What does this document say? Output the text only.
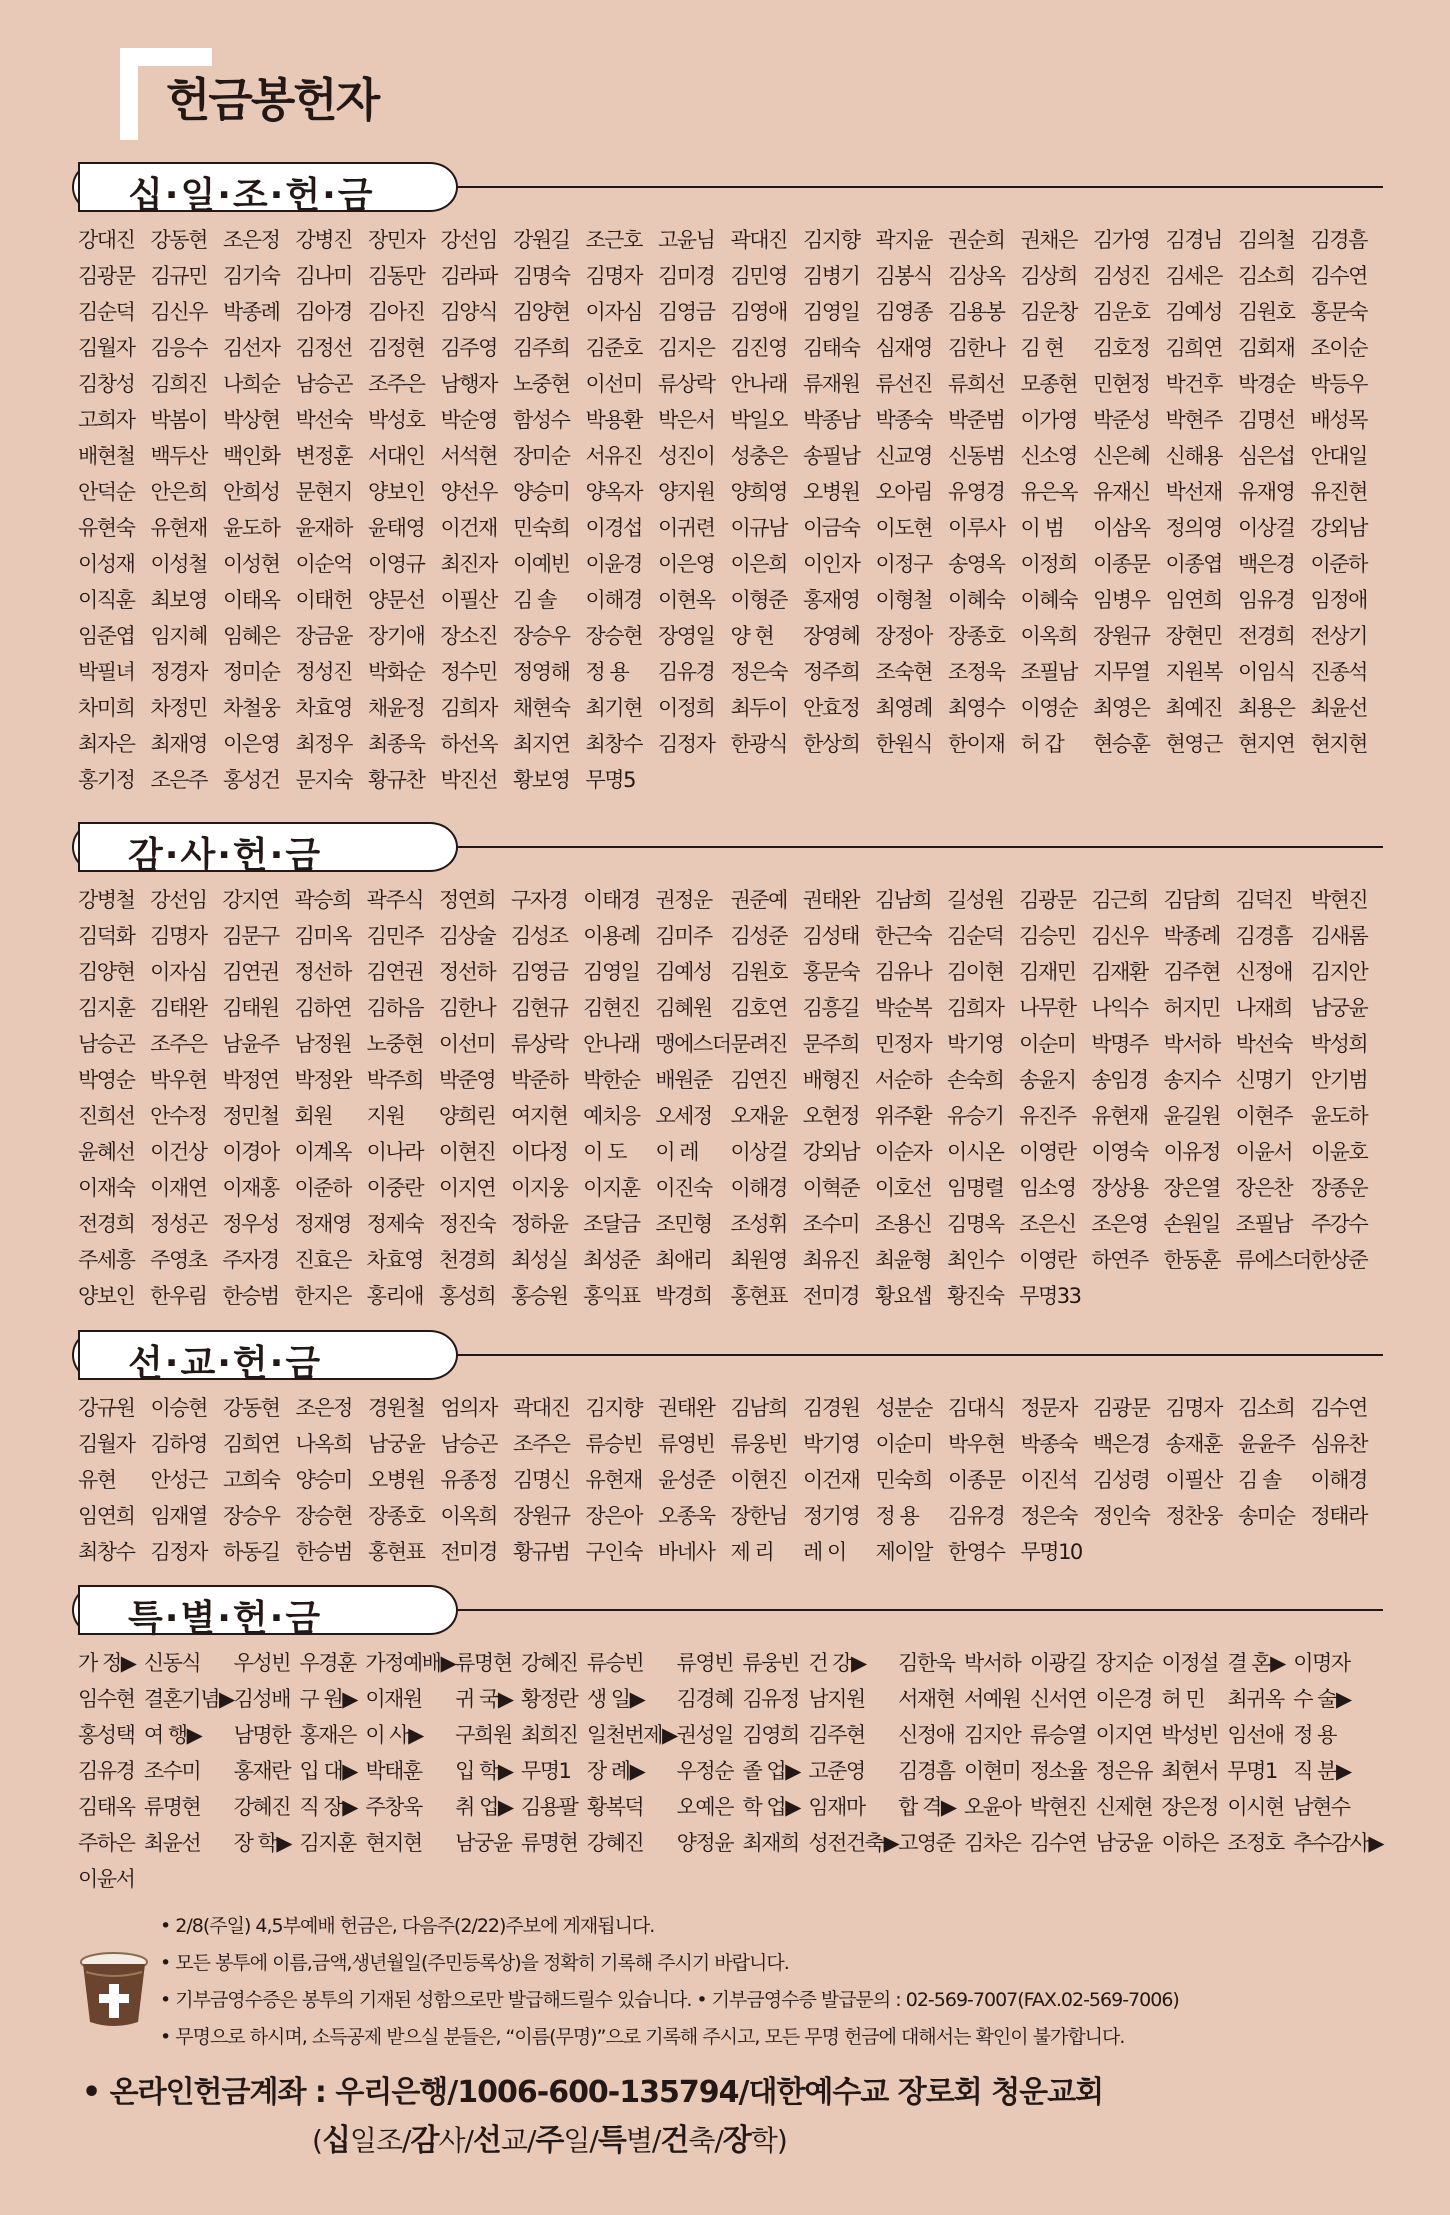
헌금봉헌자
십·일·조·헌·금
강대진 강동현 조은정 강병진 장민자 강선임 강원길 조근호 고윤님 곽대진 김지향 곽지윤 권순희 권채은 김가영 김경님 김의철 김경흠
김광문 김규민 김기숙 김나미 김동만 김라파 김명숙 김명자 김미경 김민영 김병기 김봉식 김상옥 김상희 김성진 김세은 김소희 김수연
김순덕 김신우 박종례 김아경 김아진 김양식 김양현 이자심 김영금 김영애 김영일 김영종 김용봉 김운창 김운호 김예성 김원호 홍문숙
김월자 김응수 김선자 김정선 김정현 김주영 김주희 김준호 김지은 김진영 김태숙 심재영 김한나 김 현	김호정 김희연 김회재 조이순
김창성 김희진 나희순 남승곤 조주은 남행자 노중현 이선미 류상락 안나래 류재원 류선진 류희선 모종현 민현정 박건후 박경순 박등우
고희자 박봄이 박상현 박선숙 박성호 박순영 함성수 박용환 박은서 박일오 박종남 박종숙 박준범 이가영 박준성 박현주 김명선 배성목
배현철 백두산 백인화 변정훈 서대인 서석현 장미순 서유진 성진이 성충은 송필남 신교영 신동범 신소영 신은혜 신해용 심은섭 안대일
안덕순 안은희 안희성 문현지 양보인 양선우 양승미 양옥자 양지원 양희영 오병원 오아림 유영경 유은옥 유재신 박선재 유재영 유진현
유현숙 유현재 윤도하 윤재하 윤태영 이건재 민숙희 이경섭 이귀련 이규남 이금숙 이도현 이루사 이 범	이삼옥 정의영 이상걸 강외남
이성재 이성철 이성현 이순억 이영규 최진자 이예빈 이윤경 이은영 이은희 이인자 이정구 송영옥 이정희 이종문 이종엽 백은경 이준하
이직훈 최보영 이태옥 이태헌 양문선 이필산 김 솔	이해경 이현옥 이형준 홍재영 이형철 이혜숙 이혜숙 임병우 임연희 임유경 임정애
임준엽 임지혜 임혜은 장금윤 장기애 장소진 장승우 장승현 장영일 양 현	장영혜 장정아 장종호 이옥희 장원규 장현민 전경희 전상기
박필녀 정경자 정미순 정성진 박화순 정수민 정영해 정 용	김유경 정은숙 정주희 조숙현 조정욱 조필남 지무열 지원복 이임식 진종석
차미희 차정민 차철웅 차효영 채윤정 김희자 채현숙 최기현 이정희 최두이 안효정 최영례 최영수 이영순 최영은 최예진 최용은 최윤선
최자은 최재영 이은영 최정우 최종욱 하선옥 최지연 최창수 김정자 한광식 한상희 한원식 한이재 허 갑	현승훈 현영근 현지연 현지현
홍기정 조은주 홍성건 문지숙 황규찬 박진선 황보영 무명5
감·사·헌·금
강병철 강선임 강지연 곽승희 곽주식 정연희 구자경 이태경 권정운 권준예 권태완 김남희 길성원 김광문 김근희 김담희 김덕진 박현진
김덕화 김명자 김문구 김미옥 김민주 김상술 김성조 이용례 김미주 김성준 김성태 한근숙 김순덕 김승민 김신우 박종례 김경흠 김새롬
김양현 이자심 김연권 정선하 김연권 정선하 김영금 김영일 김예성 김원호 홍문숙 김유나 김이현 김재민 김재환 김주현 신정애 김지안
김지훈 김태완 김태원 김하연 김하음 김한나 김현규 김현진 김혜원 김호연 김흥길 박순복 김희자 나무한 나익수 허지민 나재희 남궁윤
남승곤 조주은 남윤주 남정원 노중현 이선미 류상락 안나래 맹에스더 문려진 문주희 민정자 박기영 이순미 박명주 박서하 박선숙 박성희
박영순 박우현 박정연 박정완 박주희 박준영 박준하 박한순 배원준 김연진 배형진 서순하 손숙희 송윤지 송임경 송지수 신명기 안기범
진희선 안수정 정민철 회원	지원	양희린 여지현 예치응 오세정 오재윤 오현정 위주환 유승기 유진주 유현재 윤길원 이현주 윤도하
윤혜선 이건상 이경아 이계옥 이나라 이현진 이다정 이 도	이 레	이상걸 강외남 이순자 이시온 이영란 이영숙 이유정 이윤서 이윤호
이재숙 이재연 이재홍 이준하 이중란 이지연 이지웅 이지훈 이진숙 이해경 이혁준 이호선 임명렬 임소영 장상용 장은열 장은찬 장종운
전경희 정성곤 정우성 정재영 정제숙 정진숙 정하윤 조달금 조민형 조성휘 조수미 조용신 김명옥 조은신 조은영 손원일 조필남 주강수
주세흥 주영초 주자경 진효은 차효영 천경희 최성실 최성준 최애리 최원영 최유진 최윤형 최인수 이영란 하연주 한동훈 류에스더 한상준
양보인 한우림 한승범 한지은 홍리애 홍성희 홍승원 홍익표 박경희 홍현표 전미경 황요셉 황진숙 무명33
선·교·헌·금
강규원 이승현 강동현 조은정 경원철 엄의자 곽대진 김지향 권태완 김남희 김경원 성분순 김대식 정문자 김광문 김명자 김소희 김수연
김월자 김하영 김희연 나옥희 남궁윤 남승곤 조주은 류승빈 류영빈 류웅빈 박기영 이순미 박우현 박종숙 백은경 송재훈 윤윤주 심유찬
유현	안성근 고희숙 양승미 오병원 유종정 김명신 유현재 윤성준 이현진 이건재 민숙희 이종문 이진석 김성령 이필산 김 솔	이해경
임연희 임재열 장승우 장승현 장종호 이옥희 장원규 장은아 오종욱 장한님 정기영 정 용	김유경 정은숙 정인숙 정찬웅 송미순 정태라
최창수 김정자 하동길 한승범 홍현표 전미경 황규범 구인숙 바네사 제 리	레 이	제이알 한영수 무명10
특·별·헌·금
가 정▶ 신동식	우성빈 우경훈 가정예배▶ 류명현 강혜진 류승빈	류영빈 류웅빈 건 강▶	김한욱 박서하 이광길 장지순 이정설 결 혼▶ 이명자
임수현 결혼기념▶ 김성배 구 원▶ 이재원	귀 국▶ 황정란 생 일▶	김경혜 김유정 남지원	서재현 서예원 신서연 이은경 허 민	최귀옥 수 술▶
홍성택 여 행▶	남명한 홍재은 이 사▶	구희원 최희진 일천번제▶ 권성일 김영희 김주현	신정애 김지안 류승열 이지연 박성빈 임선애 정 용
김유경 조수미	홍재란 입 대▶ 박태훈	입 학▶ 무명1 장 례▶	우정순 졸 업▶ 고준영	김경흠 이현미 정소율 정은유 최현서 무명1 직 분▶
김태옥 류명현	강혜진 직 장▶ 주창욱	취 업▶ 김용팔 황복덕	오예은 학 업▶ 임재마	합 격▶ 오윤아 박현진 신제현 장은정 이시현 남현수
주하은 최윤선	장 학▶ 김지훈 현지현	남궁윤 류명현 강혜진	양정윤 최재희 성전건축▶ 고영준 김차은 김수연 남궁윤 이하은 조정호 추수감사▶
이윤서
• 2/8(주일) 4,5부예배 헌금은, 다음주(2/22)주보에 게재됩니다.
• 모든 봉투에 이름,금액,생년월일(주민등록상)을 정확히 기록해 주시기 바랍니다.
• 기부금영수증은 봉투의 기재된 성함으로만 발급해드릴수 있습니다. • 기부금영수증 발급문의 : 02-569-7007(FAX.02-569-7006)
• 무명으로 하시며, 소득공제 받으실 분들은, “이름(무명)”으로 기록해 주시고, 모든 무명 헌금에 대해서는 확인이 불가합니다.
• 온라인헌금계좌 : 우리은행/1006-600-135794/대한예수교 장로회 청운교회
(십일조/감사/선교/주일/특별/건축/장학)
